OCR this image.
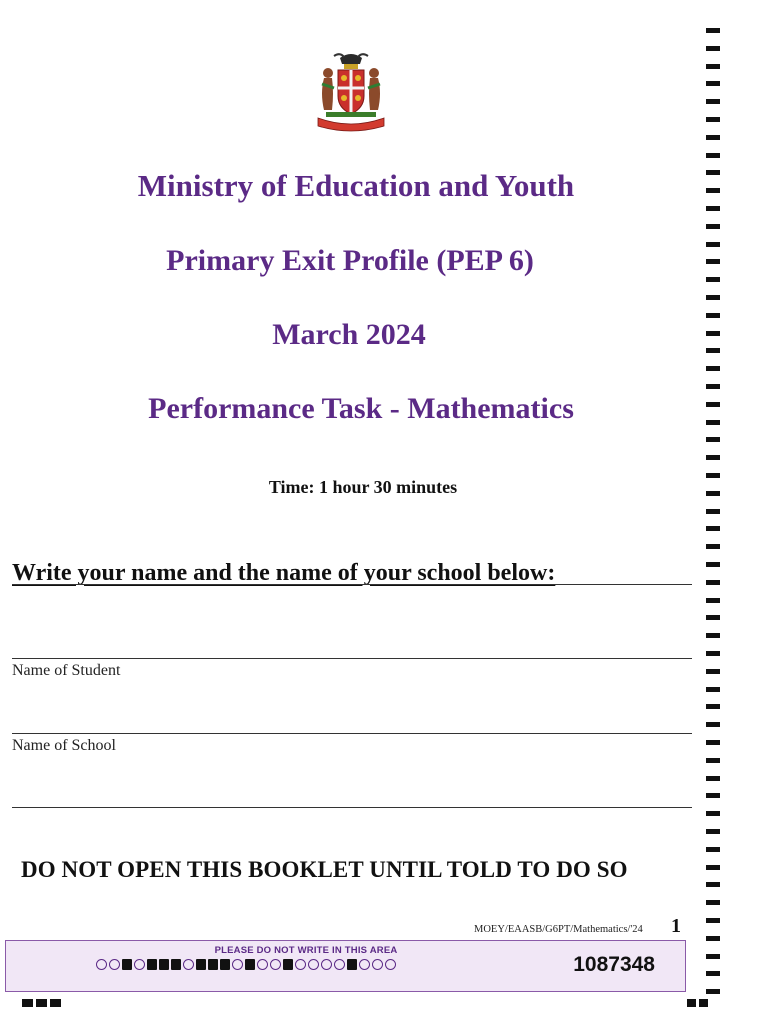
Ministry of Education and Youth
Primary Exit Profile (PEP 6)
March 2024
Performance Task - Mathematics
Time: 1 hour 30 minutes
Write your name and the name of your school below:
Name of Student
Name of School
DO NOT OPEN THIS BOOKLET UNTIL TOLD TO DO SO
MOEY/EAASB/G6PT/Mathematics/'24 1
PLEASE DO NOT WRITE IN THIS AREA
1087348
